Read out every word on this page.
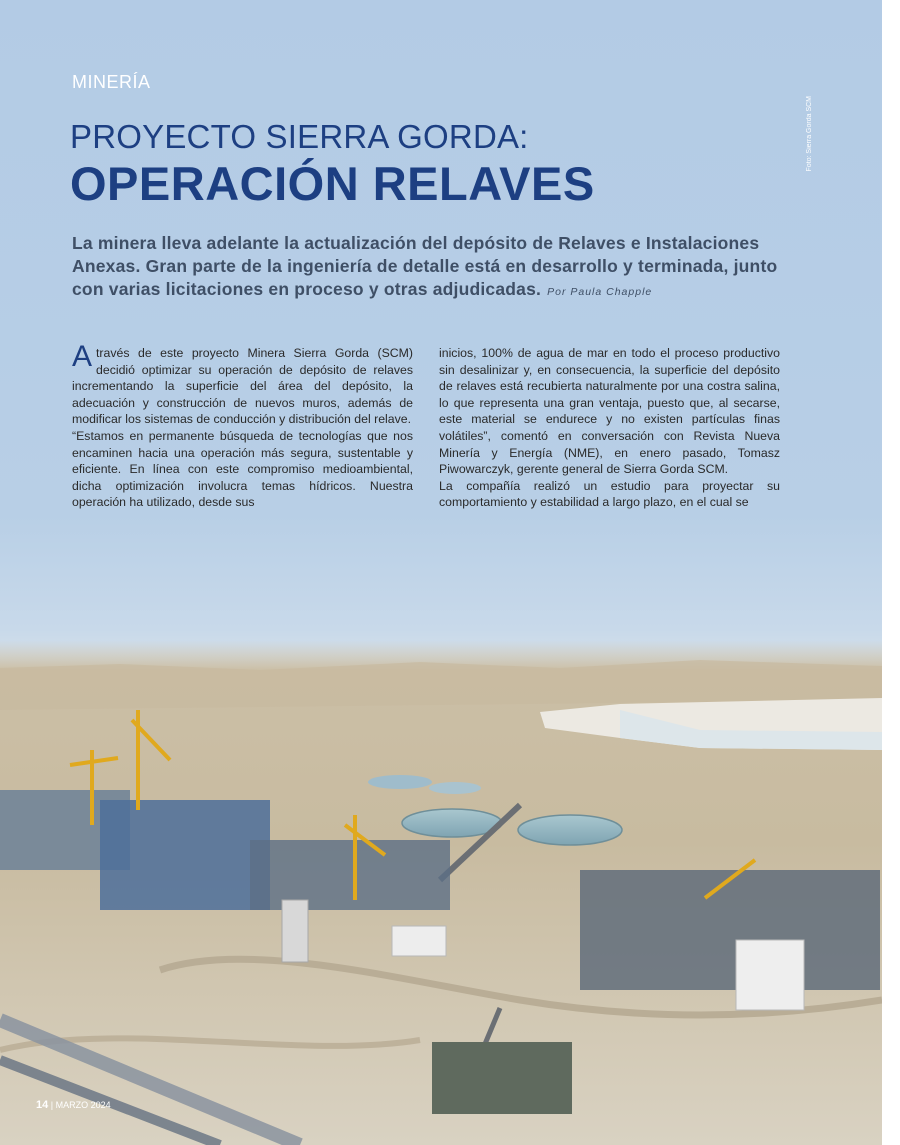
MINERÍA

Foto: Sierra Gorda SCM

PROYECTO SIERRA GORDA:
OPERACIÓN RELAVES

La minera lleva adelante la actualización del depósito de Relaves e Instalaciones Anexas. Gran parte de la ingeniería de detalle está en desarrollo y terminada, junto con varias licitaciones en proceso y otras adjudicadas. Por Paula Chapple

Através de este proyecto Minera Sierra Gorda (SCM) decidió optimizar su operación de depósito de relaves incrementando la superficie del área del depósito, la adecuación y construcción de nuevos muros, además de modificar los sistemas de conducción y distribución del relave.

“Estamos en permanente búsqueda de tecnologías que nos encaminen hacia una operación más segura, sustentable y eficiente. En línea con este compromiso medioambiental, dicha optimización involucra temas hídricos. Nuestra operación ha utilizado, desde sus

inicios, 100% de agua de mar en todo el proceso productivo sin desalinizar y, en consecuencia, la superficie del depósito de relaves está recubierta naturalmente por una costra salina, lo que representa una gran ventaja, puesto que, al secarse, este material se endurece y no existen partículas finas volátiles”, comentó en conversación con Revista Nueva Minería y Energía (NME), en enero pasado, Tomasz Piwowarczyk, gerente general de Sierra Gorda SCM.

La compañía realizó un estudio para proyectar su comportamiento y estabilidad a largo plazo, en el cual se

14 | MARZO 2024
